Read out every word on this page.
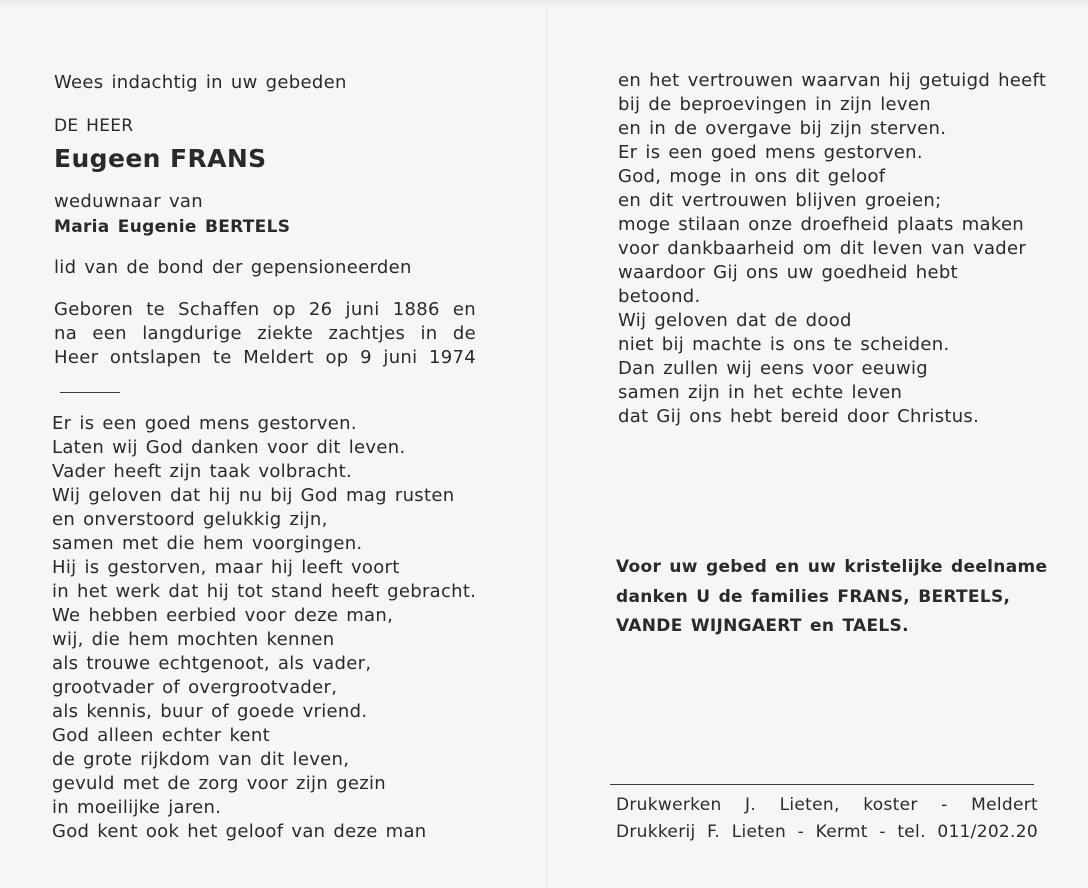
Wees indachtig in uw gebeden
DE HEER
Eugeen FRANS
weduwnaar van
Maria Eugenie BERTELS
lid van de bond der gepensioneerden
Geboren te Schaffen op 26 juni 1886 en
na een langdurige ziekte zachtjes in de
Heer ontslapen te Meldert op 9 juni 1974
Er is een goed mens gestorven.
Laten wij God danken voor dit leven.
Vader heeft zijn taak volbracht.
Wij geloven dat hij nu bij God mag rusten
en onverstoord gelukkig zijn,
samen met die hem voorgingen.
Hij is gestorven, maar hij leeft voort
in het werk dat hij tot stand heeft gebracht.
We hebben eerbied voor deze man,
wij, die hem mochten kennen
als trouwe echtgenoot, als vader,
grootvader of overgrootvader,
als kennis, buur of goede vriend.
God alleen echter kent
de grote rijkdom van dit leven,
gevuld met de zorg voor zijn gezin
in moeilijke jaren.
God kent ook het geloof van deze man
en het vertrouwen waarvan hij getuigd heeft
bij de beproevingen in zijn leven
en in de overgave bij zijn sterven.
Er is een goed mens gestorven.
God, moge in ons dit geloof
en dit vertrouwen blijven groeien;
moge stilaan onze droefheid plaats maken
voor dankbaarheid om dit leven van vader
waardoor Gij ons uw goedheid hebt
betoond.
Wij geloven dat de dood
niet bij machte is ons te scheiden.
Dan zullen wij eens voor eeuwig
samen zijn in het echte leven
dat Gij ons hebt bereid door Christus.
Voor uw gebed en uw kristelijke deelname
danken U de families FRANS, BERTELS,
VANDE WIJNGAERT en TAELS.
Drukwerken J. Lieten, koster - Meldert
Drukkerij F. Lieten - Kermt - tel. 011/202.20
